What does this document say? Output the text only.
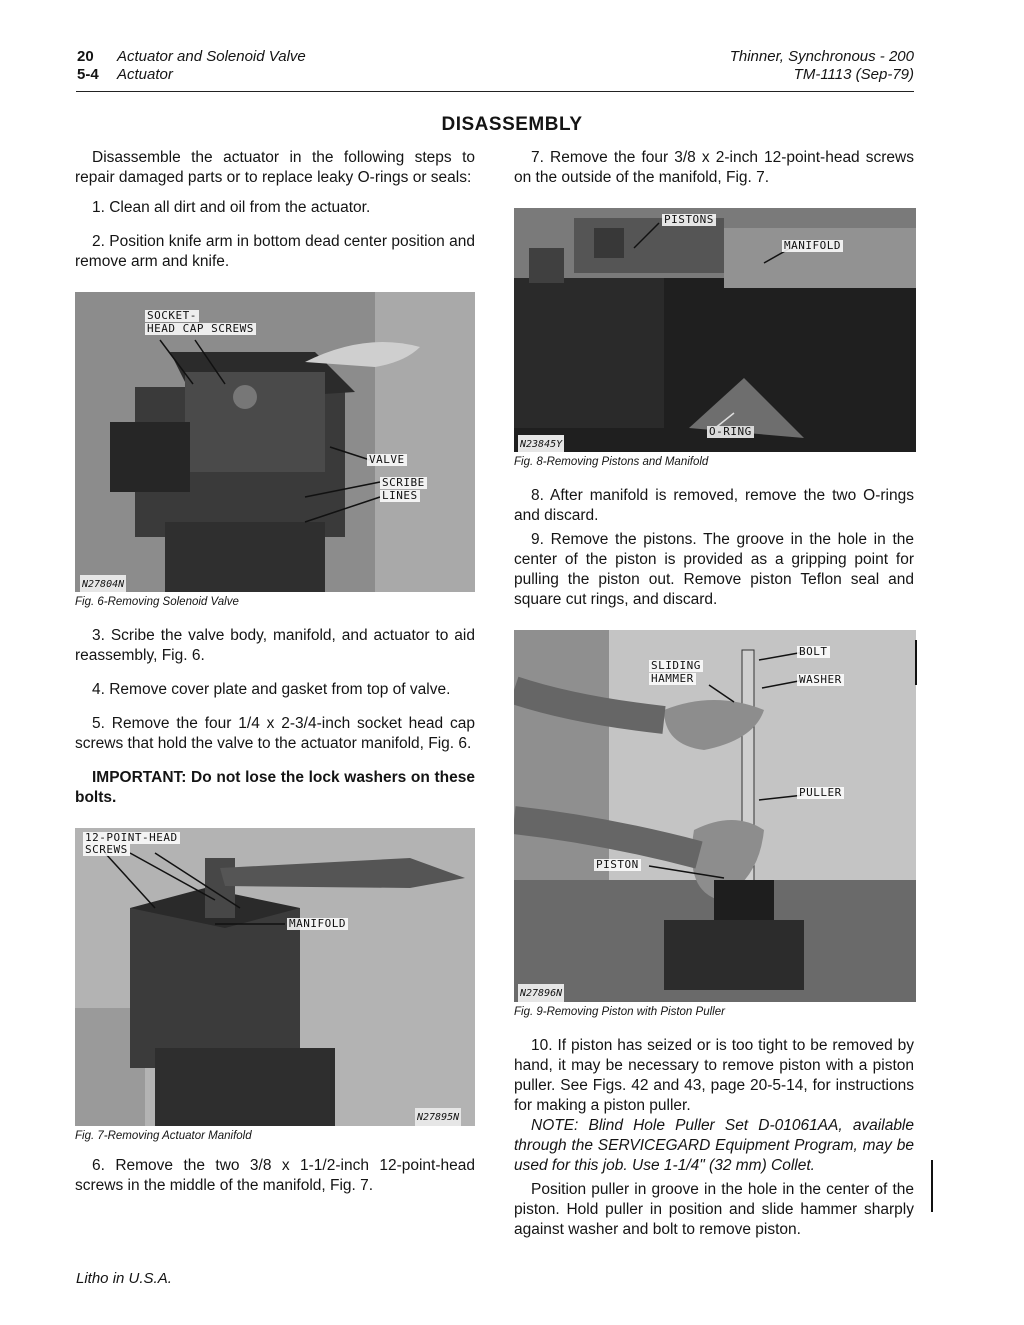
20 Actuator and Solenoid Valve
5-4 Actuator
Thinner, Synchronous - 200
TM-1113 (Sep-79)
DISASSEMBLY

Disassemble the actuator in the following steps to repair damaged parts or to replace leaky O-rings or seals:

1. Clean all dirt and oil from the actuator.

2. Position knife arm in bottom dead center position and remove arm and knife.

SOCKET-
HEAD CAP SCREWS
VALVE
SCRIBE
LINES
N27804N

Fig. 6-Removing Solenoid Valve

3. Scribe the valve body, manifold, and actuator to aid reassembly, Fig. 6.

4. Remove cover plate and gasket from top of valve.

5. Remove the four 1/4 x 2-3/4-inch socket head cap screws that hold the valve to the actuator manifold, Fig. 6.

IMPORTANT: Do not lose the lock washers on these bolts.

12-POINT-HEAD
SCREWS
MANIFOLD
N27895N

Fig. 7-Removing Actuator Manifold

6. Remove the two 3/8 x 1-1/2-inch 12-point-head screws in the middle of the manifold, Fig. 7.

7. Remove the four 3/8 x 2-inch 12-point-head screws on the outside of the manifold, Fig. 7.

PISTONS
MANIFOLD
O-RING
N23845Y

Fig. 8-Removing Pistons and Manifold

8. After manifold is removed, remove the two O-rings and discard.

9. Remove the pistons. The groove in the hole in the center of the piston is provided as a gripping point for pulling the piston out. Remove piston Teflon seal and square cut rings, and discard.

SLIDING
HAMMER
BOLT
WASHER
PULLER
PISTON
N27896N

Fig. 9-Removing Piston with Piston Puller

10. If piston has seized or is too tight to be removed by hand, it may be necessary to remove piston with a piston puller. See Figs. 42 and 43, page 20-5-14, for instructions for making a piston puller.

NOTE: Blind Hole Puller Set D-01061AA, available through the SERVICEGARD Equipment Program, may be used for this job. Use 1-1/4" (32 mm) Collet.

Position puller in groove in the hole in the center of the piston. Hold puller in position and slide hammer sharply against washer and bolt to remove piston.

Litho in U.S.A.
